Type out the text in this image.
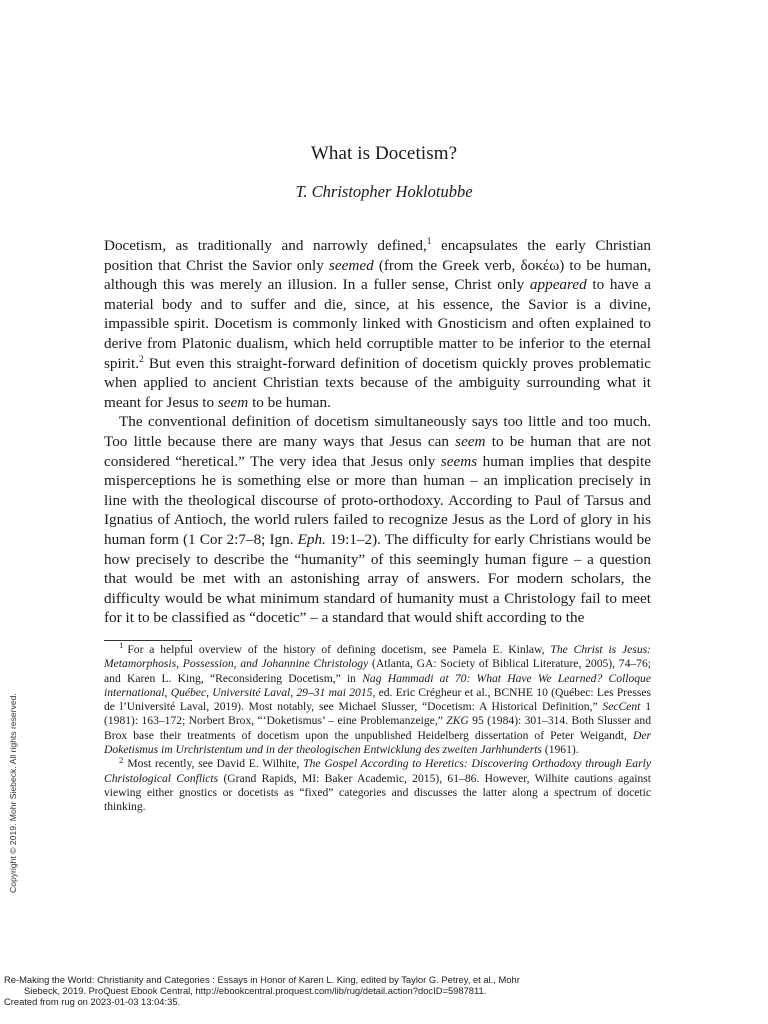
What is Docetism?
T. Christopher Hoklotubbe

Docetism, as traditionally and narrowly defined,$^1$ encapsulates the early Christian position that Christ the Savior only seemed (from the Greek verb, δοκέω) to be human, although this was merely an illusion. In a fuller sense, Christ only appeared to have a material body and to suffer and die, since, at his essence, the Savior is a divine, impassible spirit. Docetism is commonly linked with Gnosticism and often explained to derive from Platonic dualism, which held corruptible matter to be inferior to the eternal spirit.$^2$ But even this straight-forward definition of docetism quickly proves problematic when applied to ancient Christian texts because of the ambiguity surrounding what it meant for Jesus to seem to be human.

The conventional definition of docetism simultaneously says too little and too much. Too little because there are many ways that Jesus can seem to be human that are not considered “heretical.” The very idea that Jesus only seems human implies that despite misperceptions he is something else or more than human – an implication precisely in line with the theological discourse of proto-orthodoxy. According to Paul of Tarsus and Ignatius of Antioch, the world rulers failed to recognize Jesus as the Lord of glory in his human form (1 Cor 2:7–8; Ign. Eph. 19:1–2). The difficulty for early Christians would be how precisely to describe the “humanity” of this seemingly human figure – a question that would be met with an astonishing array of answers. For modern scholars, the difficulty would be what minimum standard of humanity must a Christology fail to meet for it to be classified as “docetic” – a standard that would shift according to the

$^1$ For a helpful overview of the history of defining docetism, see Pamela E. Kinlaw, The Christ is Jesus: Metamorphosis, Possession, and Johannine Christology (Atlanta, GA: Society of Biblical Literature, 2005), 74–76; and Karen L. King, “Reconsidering Docetism,” in Nag Hammadi at 70: What Have We Learned? Colloque international, Québec, Université Laval, 29–31 mai 2015, ed. Eric Crégheur et al., BCNHE 10 (Québec: Les Presses de l’Université Laval, 2019). Most notably, see Michael Slusser, “Docetism: A Historical Definition,” SecCent 1 (1981): 163–172; Norbert Brox, “‘Doketismus’ – eine Problemanzeige,” ZKG 95 (1984): 301–314. Both Slusser and Brox base their treatments of docetism upon the unpublished Heidelberg dissertation of Peter Weigandt, Der Doketismus im Urchristentum und in der theologischen Entwicklung des zweiten Jarhhunderts (1961).

$^2$ Most recently, see David E. Wilhite, The Gospel According to Heretics: Discovering Orthodoxy through Early Christological Conflicts (Grand Rapids, MI: Baker Academic, 2015), 61–86. However, Wilhite cautions against viewing either gnostics or docetists as “fixed” categories and discusses the latter along a spectrum of docetic thinking.

Copyright © 2019. Mohr Siebeck. All rights reserved.
Re-Making the World: Christianity and Categories : Essays in Honor of Karen L. King, edited by Taylor G. Petrey, et al., Mohr
Siebeck, 2019. ProQuest Ebook Central, http://ebookcentral.proquest.com/lib/rug/detail.action?docID=5987811.
Created from rug on 2023-01-03 13:04:35.
